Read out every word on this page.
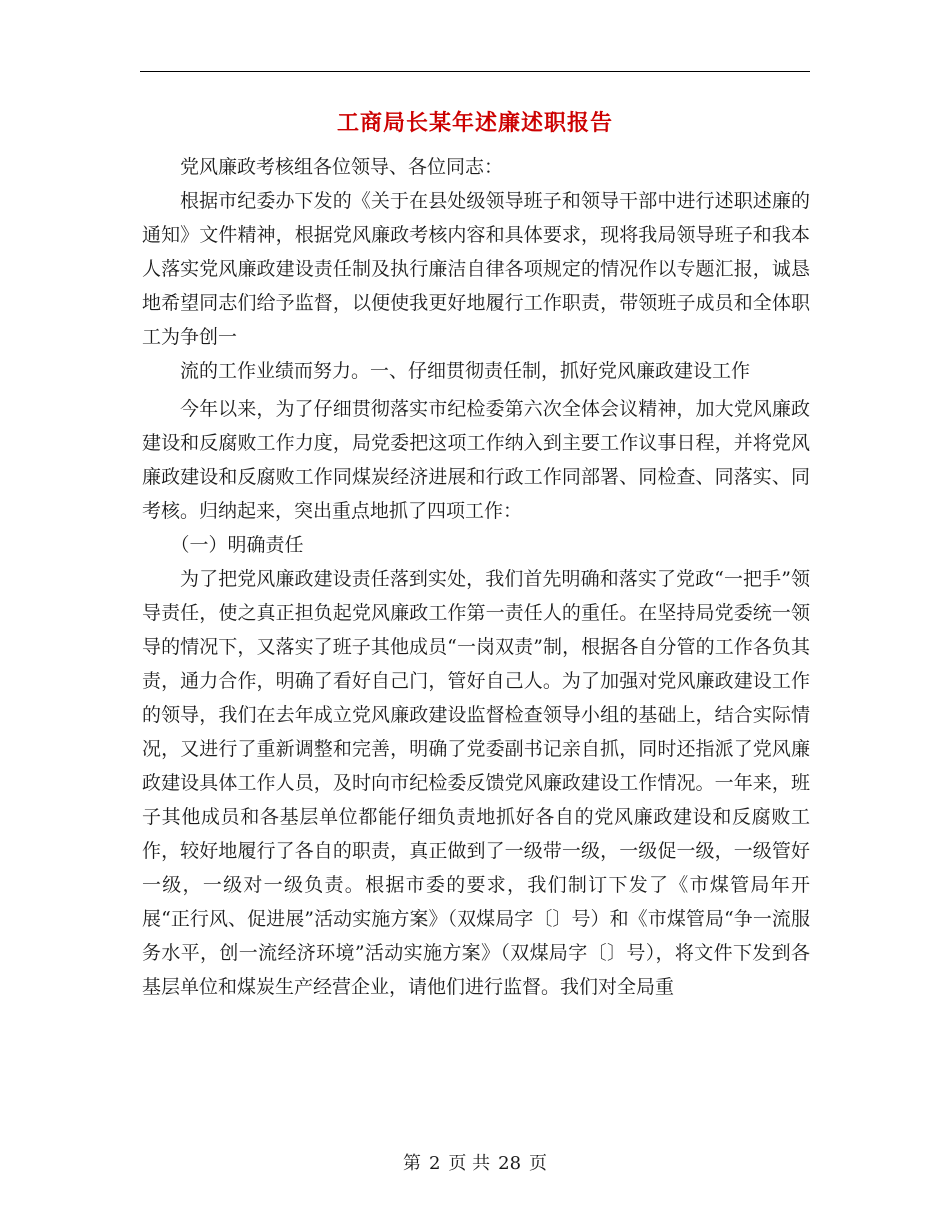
工商局长某年述廉述职报告

党风廉政考核组各位领导、各位同志：

根据市纪委办下发的《关于在县处级领导班子和领导干部中进行述职述廉的通知》文件精神，根据党风廉政考核内容和具体要求，现将我局领导班子和我本人落实党风廉政建设责任制及执行廉洁自律各项规定的情况作以专题汇报，诚恳地希望同志们给予监督，以便使我更好地履行工作职责，带领班子成员和全体职工为争创一

流的工作业绩而努力。一、仔细贯彻责任制，抓好党风廉政建设工作

今年以来，为了仔细贯彻落实市纪检委第六次全体会议精神，加大党风廉政建设和反腐败工作力度，局党委把这项工作纳入到主要工作议事日程，并将党风廉政建设和反腐败工作同煤炭经济进展和行政工作同部署、同检查、同落实、同考核。归纳起来，突出重点地抓了四项工作：

（一）明确责任

为了把党风廉政建设责任落到实处，我们首先明确和落实了党政“一把手”领导责任，使之真正担负起党风廉政工作第一责任人的重任。在坚持局党委统一领导的情况下，又落实了班子其他成员“一岗双责”制，根据各自分管的工作各负其责，通力合作，明确了看好自己门，管好自己人。为了加强对党风廉政建设工作的领导，我们在去年成立党风廉政建设监督检查领导小组的基础上，结合实际情况，又进行了重新调整和完善，明确了党委副书记亲自抓，同时还指派了党风廉政建设具体工作人员，及时向市纪检委反馈党风廉政建设工作情况。一年来，班子其他成员和各基层单位都能仔细负责地抓好各自的党风廉政建设和反腐败工作，较好地履行了各自的职责，真正做到了一级带一级，一级促一级，一级管好一级，一级对一级负责。根据市委的要求，我们制订下发了《市煤管局年开展“正行风、促进展”活动实施方案》（双煤局字〔〕号）和《市煤管局“争一流服务水平，创一流经济环境”活动实施方案》（双煤局字〔〕号），将文件下发到各基层单位和煤炭生产经营企业，请他们进行监督。我们对全局重

第 2 页 共 28 页
